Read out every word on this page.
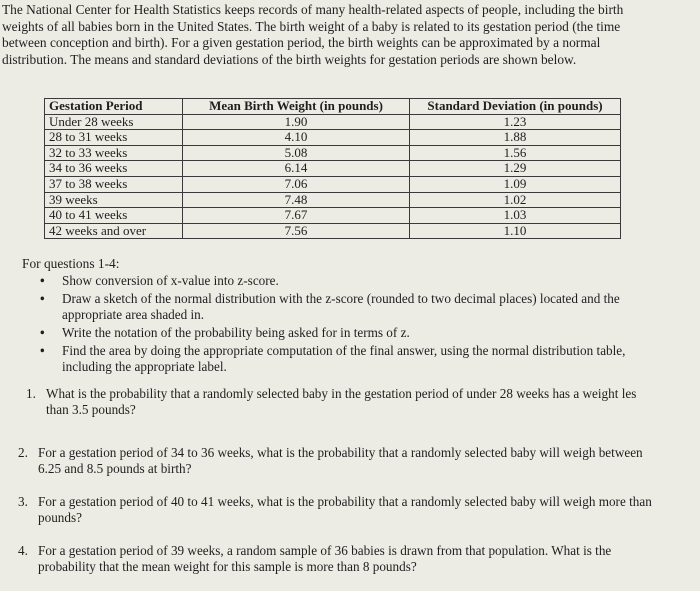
The National Center for Health Statistics keeps records of many health-related aspects of people, including the birth
weights of all babies born in the United States. The birth weight of a baby is related to its gestation period (the time
between conception and birth). For a given gestation period, the birth weights can be approximated by a normal
distribution. The means and standard deviations of the birth weights for gestation periods are shown below.
Gestation Period	Mean Birth Weight (in pounds)	Standard Deviation (in pounds)
Under 28 weeks	1.90	1.23
28 to 31 weeks	4.10	1.88
32 to 33 weeks	5.08	1.56
34 to 36 weeks	6.14	1.29
37 to 38 weeks	7.06	1.09
39 weeks	7.48	1.02
40 to 41 weeks	7.67	1.03
42 weeks and over	7.56	1.10
For questions 1-4:
• Show conversion of x-value into z-score.
• Draw a sketch of the normal distribution with the z-score (rounded to two decimal places) located and the
appropriate area shaded in.
• Write the notation of the probability being asked for in terms of z.
• Find the area by doing the appropriate computation of the final answer, using the normal distribution table,
including the appropriate label.
1. What is the probability that a randomly selected baby in the gestation period of under 28 weeks has a weight les
than 3.5 pounds?
2. For a gestation period of 34 to 36 weeks, what is the probability that a randomly selected baby will weigh between
6.25 and 8.5 pounds at birth?
3. For a gestation period of 40 to 41 weeks, what is the probability that a randomly selected baby will weigh more than
pounds?
4. For a gestation period of 39 weeks, a random sample of 36 babies is drawn from that population. What is the
probability that the mean weight for this sample is more than 8 pounds?
